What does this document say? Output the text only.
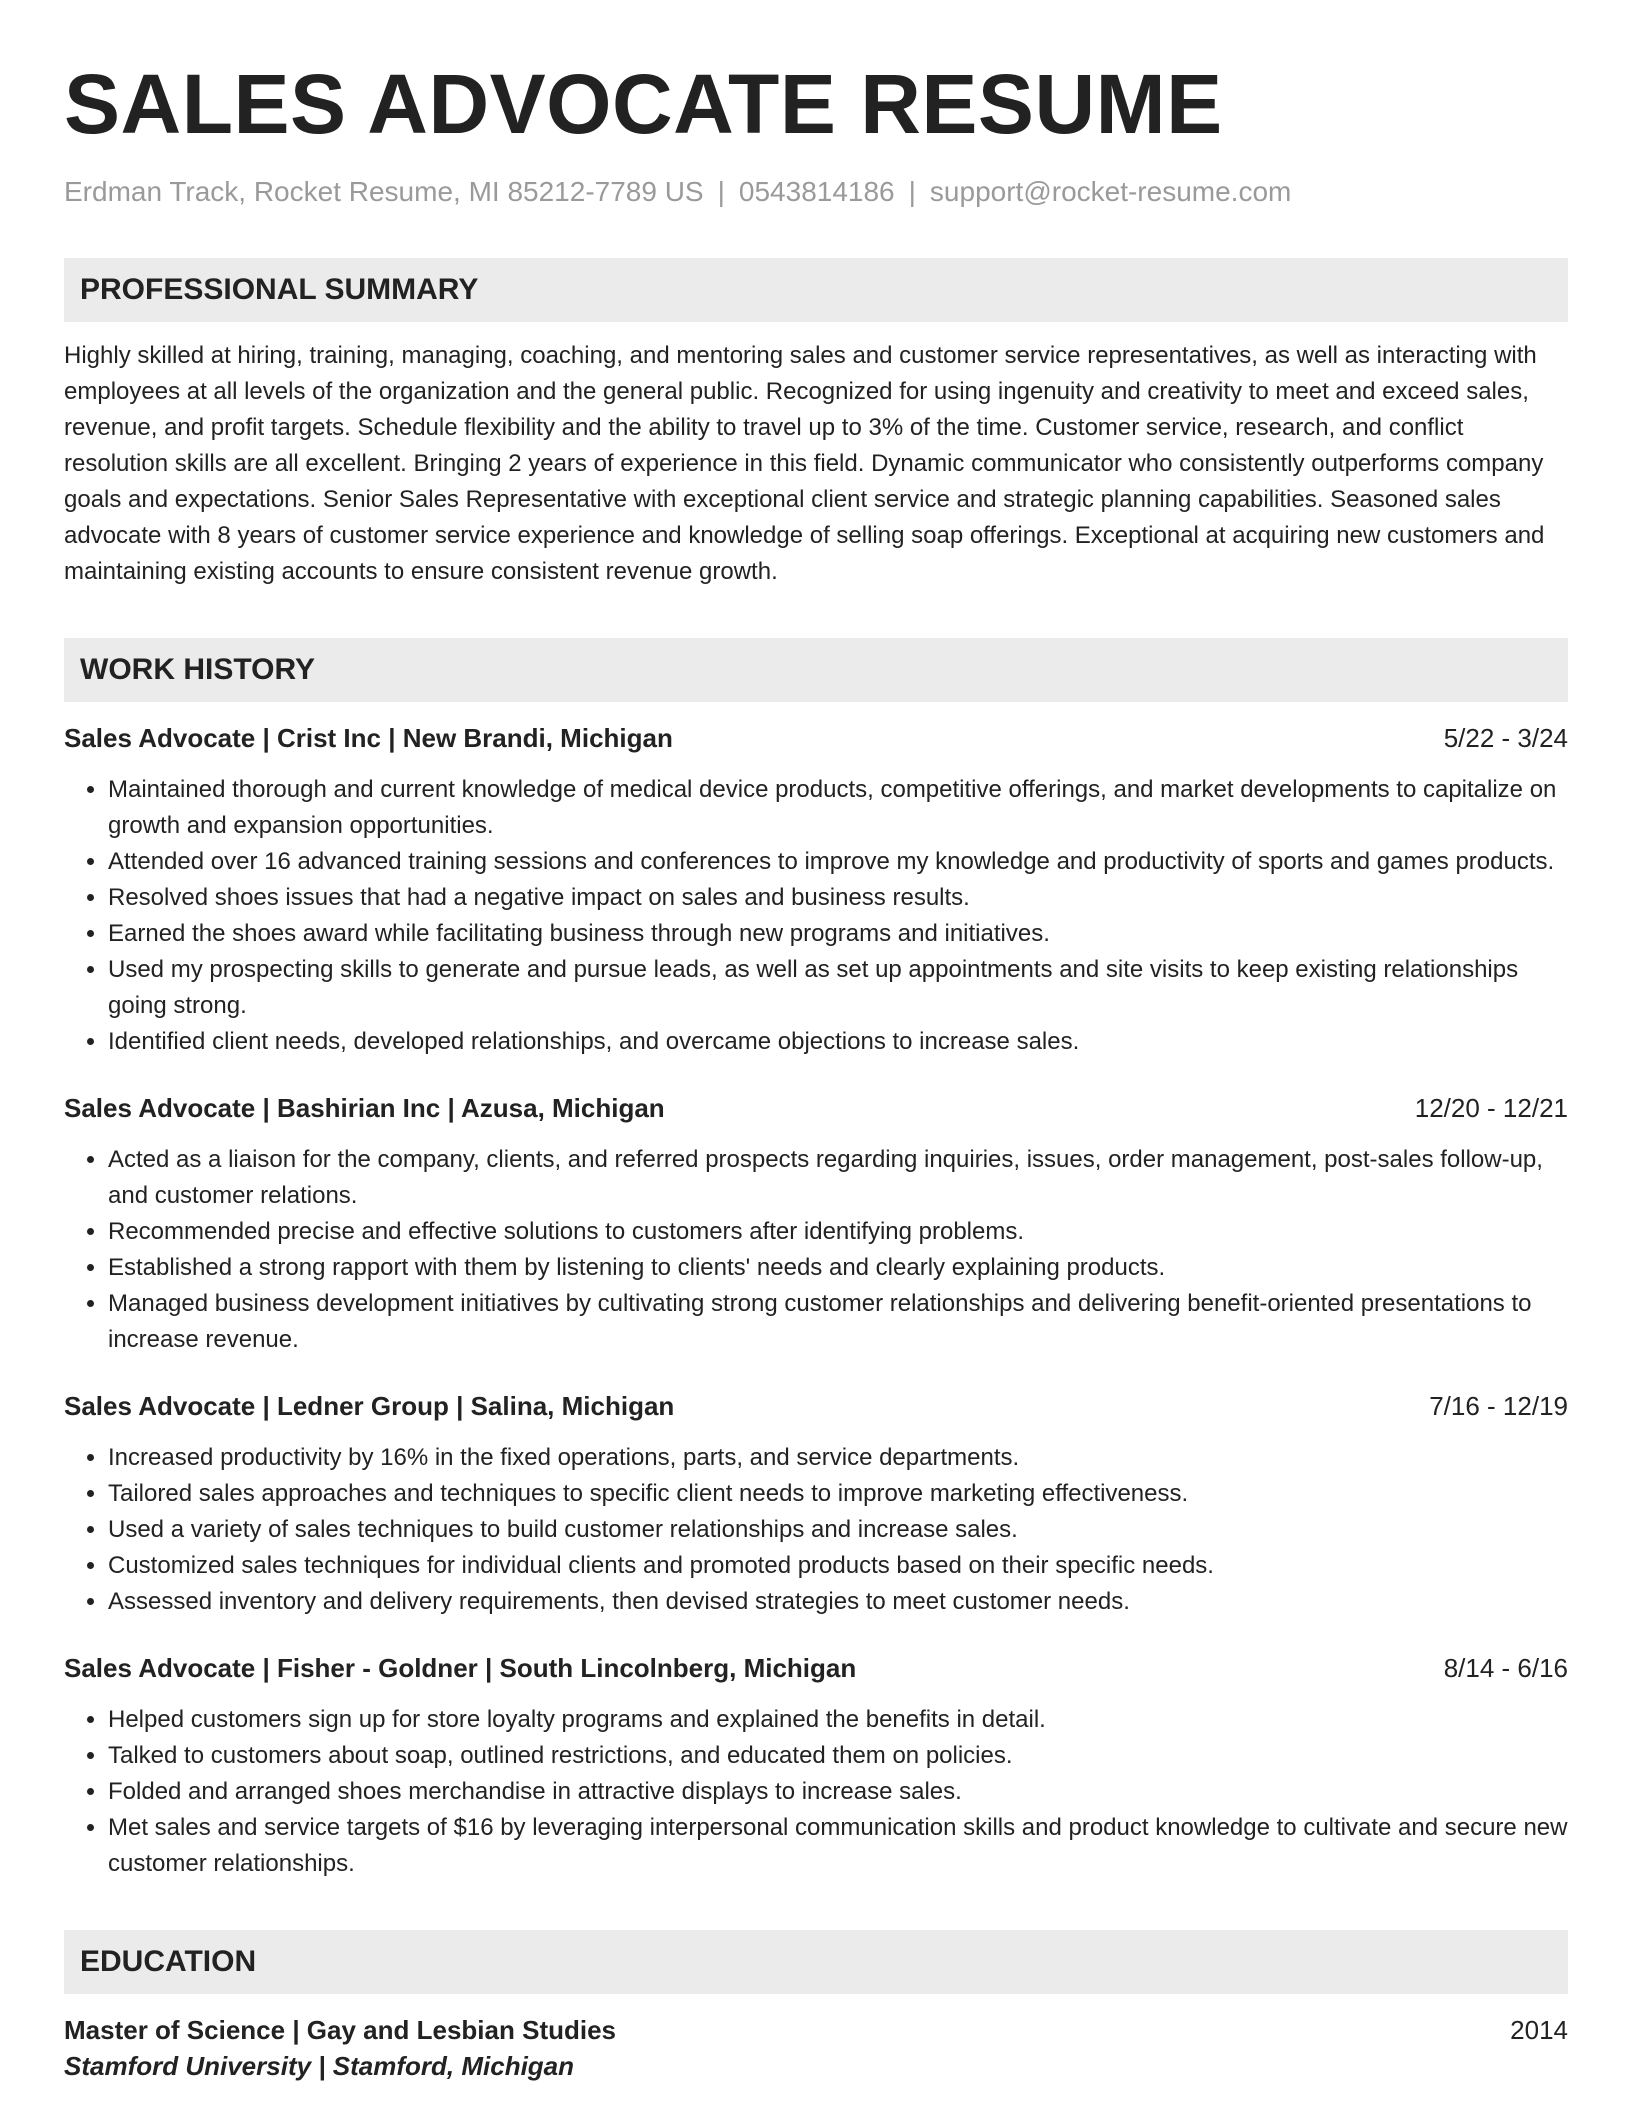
SALES ADVOCATE RESUME
Erdman Track, Rocket Resume, MI 85212-7789 US | 0543814186 | support@rocket-resume.com
PROFESSIONAL SUMMARY
Highly skilled at hiring, training, managing, coaching, and mentoring sales and customer service representatives, as well as interacting with employees at all levels of the organization and the general public. Recognized for using ingenuity and creativity to meet and exceed sales, revenue, and profit targets. Schedule flexibility and the ability to travel up to 3% of the time. Customer service, research, and conflict resolution skills are all excellent. Bringing 2 years of experience in this field. Dynamic communicator who consistently outperforms company goals and expectations. Senior Sales Representative with exceptional client service and strategic planning capabilities. Seasoned sales advocate with 8 years of customer service experience and knowledge of selling soap offerings. Exceptional at acquiring new customers and maintaining existing accounts to ensure consistent revenue growth.
WORK HISTORY
Sales Advocate | Crist Inc | New Brandi, Michigan	5/22 - 3/24
• Maintained thorough and current knowledge of medical device products, competitive offerings, and market developments to capitalize on growth and expansion opportunities.
• Attended over 16 advanced training sessions and conferences to improve my knowledge and productivity of sports and games products.
• Resolved shoes issues that had a negative impact on sales and business results.
• Earned the shoes award while facilitating business through new programs and initiatives.
• Used my prospecting skills to generate and pursue leads, as well as set up appointments and site visits to keep existing relationships going strong.
• Identified client needs, developed relationships, and overcame objections to increase sales.
Sales Advocate | Bashirian Inc | Azusa, Michigan	12/20 - 12/21
• Acted as a liaison for the company, clients, and referred prospects regarding inquiries, issues, order management, post-sales follow-up, and customer relations.
• Recommended precise and effective solutions to customers after identifying problems.
• Established a strong rapport with them by listening to clients' needs and clearly explaining products.
• Managed business development initiatives by cultivating strong customer relationships and delivering benefit-oriented presentations to increase revenue.
Sales Advocate | Ledner Group | Salina, Michigan	7/16 - 12/19
• Increased productivity by 16% in the fixed operations, parts, and service departments.
• Tailored sales approaches and techniques to specific client needs to improve marketing effectiveness.
• Used a variety of sales techniques to build customer relationships and increase sales.
• Customized sales techniques for individual clients and promoted products based on their specific needs.
• Assessed inventory and delivery requirements, then devised strategies to meet customer needs.
Sales Advocate | Fisher - Goldner | South Lincolnberg, Michigan	8/14 - 6/16
• Helped customers sign up for store loyalty programs and explained the benefits in detail.
• Talked to customers about soap, outlined restrictions, and educated them on policies.
• Folded and arranged shoes merchandise in attractive displays to increase sales.
• Met sales and service targets of $16 by leveraging interpersonal communication skills and product knowledge to cultivate and secure new customer relationships.
EDUCATION
Master of Science | Gay and Lesbian Studies	2014
Stamford University | Stamford, Michigan
